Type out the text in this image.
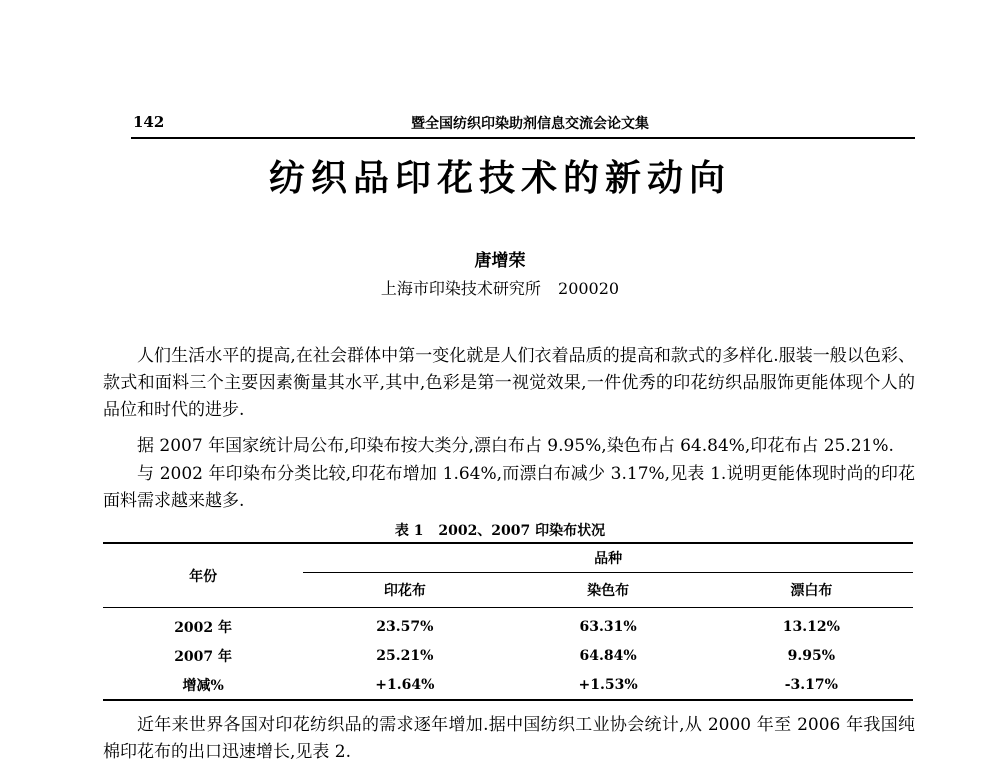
142	暨全国纺织印染助剂信息交流会论文集
纺织品印花技术的新动向
唐增荣
上海市印染技术研究所 200020
人们生活水平的提高,在社会群体中第一变化就是人们衣着品质的提高和款式的多样化.服装一般以色彩、款式和面料三个主要因素衡量其水平,其中,色彩是第一视觉效果,一件优秀的印花纺织品服饰更能体现个人的品位和时代的进步.
据 2007 年国家统计局公布,印染布按大类分,漂白布占 9.95%,染色布占 64.84%,印花布占 25.21%.
与 2002 年印染布分类比较,印花布增加 1.64%,而漂白布减少 3.17%,见表 1.说明更能体现时尚的印花面料需求越来越多.
表 1 2002、2007 印染布状况
年份	品种		
	印花布	染色布	漂白布
2002 年	23.57%	63.31%	13.12%
2007 年	25.21%	64.84%	9.95%
增减%	+1.64%	+1.53%	-3.17%
近年来世界各国对印花纺织品的需求逐年增加.据中国纺织工业协会统计,从 2000 年至 2006 年我国纯棉印花布的出口迅速增长,见表 2.
